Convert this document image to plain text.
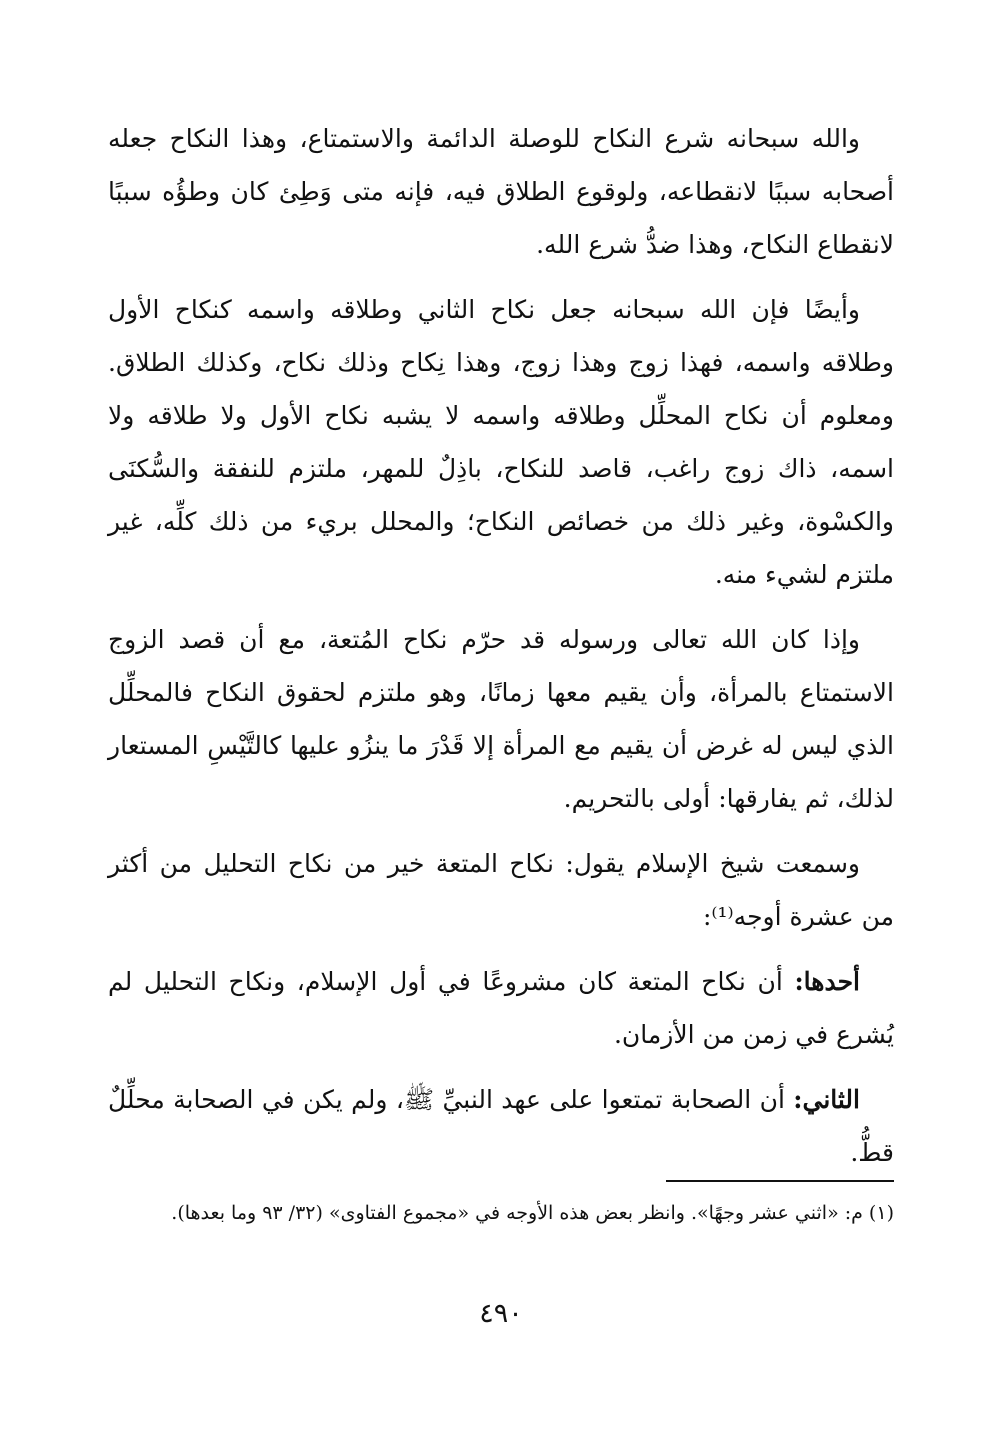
والله سبحانه شرع النكاح للوصلة الدائمة والاستمتاع، وهذا النكاح جعله أصحابه سببًا لانقطاعه، ولوقوع الطلاق فيه، فإنه متى وَطِئ كان وطؤُه سببًا لانقطاع النكاح، وهذا ضدُّ شرع الله.

وأيضًا فإن الله سبحانه جعل نكاح الثاني وطلاقه واسمه كنكاح الأول وطلاقه واسمه، فهذا زوج وهذا زوج، وهذا نِكاح وذلك نكاح، وكذلك الطلاق. ومعلوم أن نكاح المحلِّل وطلاقه واسمه لا يشبه نكاح الأول ولا طلاقه ولا اسمه، ذاك زوج راغب، قاصد للنكاح، باذِلٌ للمهر، ملتزم للنفقة والسُّكنَى والكسْوة، وغير ذلك من خصائص النكاح؛ والمحلل بريء من ذلك كلِّه، غير ملتزم لشيء منه.

وإذا كان الله تعالى ورسوله قد حرّم نكاح المُتعة، مع أن قصد الزوج الاستمتاع بالمرأة، وأن يقيم معها زمانًا، وهو ملتزم لحقوق النكاح فالمحلِّل الذي ليس له غرض أن يقيم مع المرأة إلا قَدْرَ ما ينزُو عليها كالتَّيْسِ المستعار لذلك، ثم يفارقها: أولى بالتحريم.

وسمعت شيخ الإسلام يقول: نكاح المتعة خير من نكاح التحليل من أكثر من عشرة أوجه⁽¹⁾:

أحدها: أن نكاح المتعة كان مشروعًا في أول الإسلام، ونكاح التحليل لم يُشرع في زمن من الأزمان.

الثاني: أن الصحابة تمتعوا على عهد النبيِّ ﷺ، ولم يكن في الصحابة محلِّلٌ قطُّ.

(١) م: «اثني عشر وجهًا». وانظر بعض هذه الأوجه في «مجموع الفتاوى» (٣٢/ ٩٣ وما بعدها).
٤٩٠
